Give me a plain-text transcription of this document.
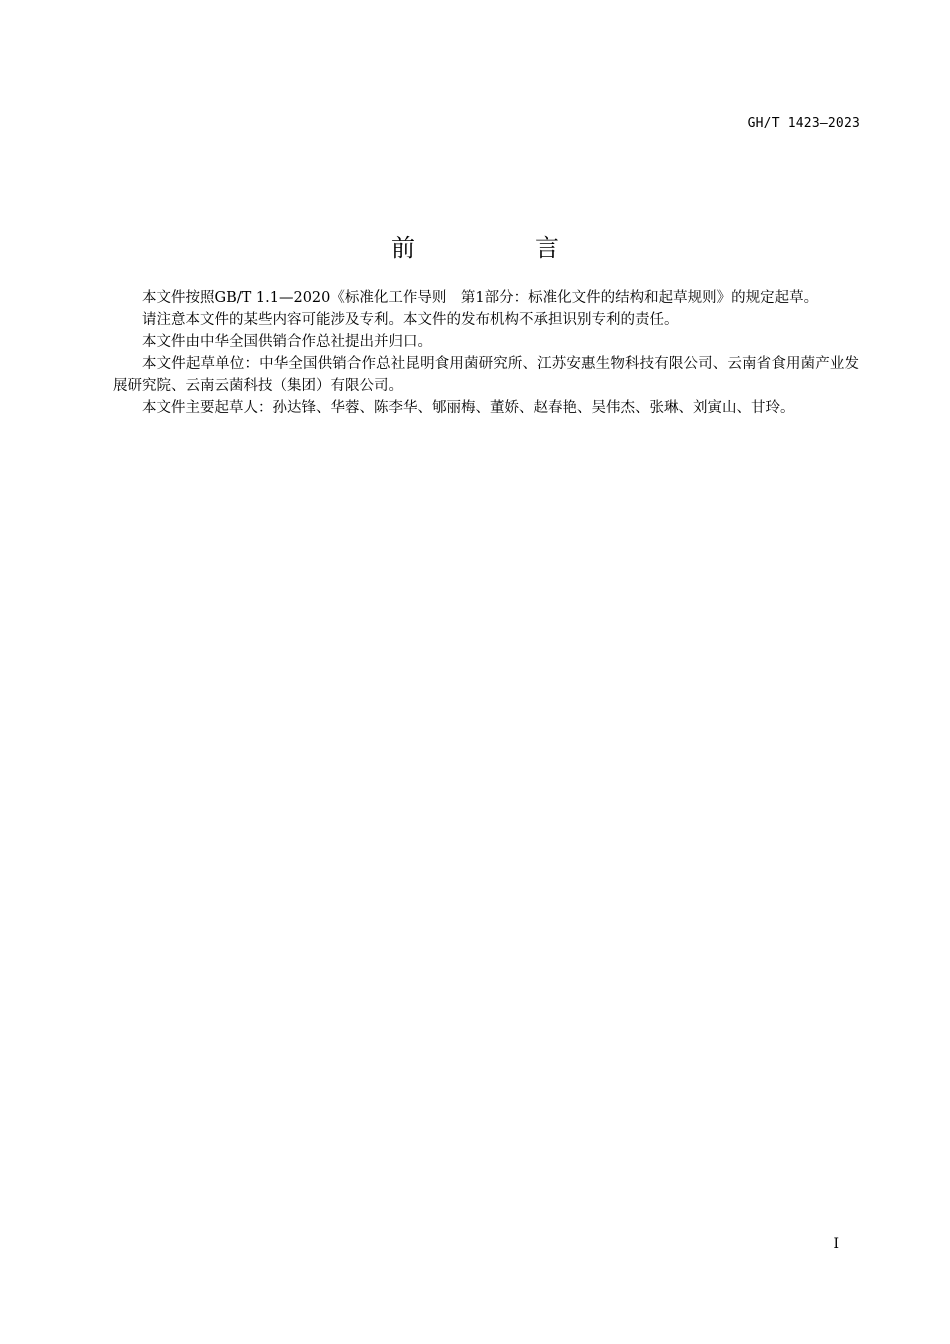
GH/T 1423—2023
前　言

本文件按照GB/T 1.1—2020《标准化工作导则　第1部分：标准化文件的结构和起草规则》的规定起草。

请注意本文件的某些内容可能涉及专利。本文件的发布机构不承担识别专利的责任。

本文件由中华全国供销合作总社提出并归口。

本文件起草单位：中华全国供销合作总社昆明食用菌研究所、江苏安惠生物科技有限公司、云南省食用菌产业发展研究院、云南云菌科技（集团）有限公司。

本文件主要起草人：孙达锋、华蓉、陈李华、郇丽梅、董娇、赵春艳、吴伟杰、张琳、刘寅山、甘玲。

I
